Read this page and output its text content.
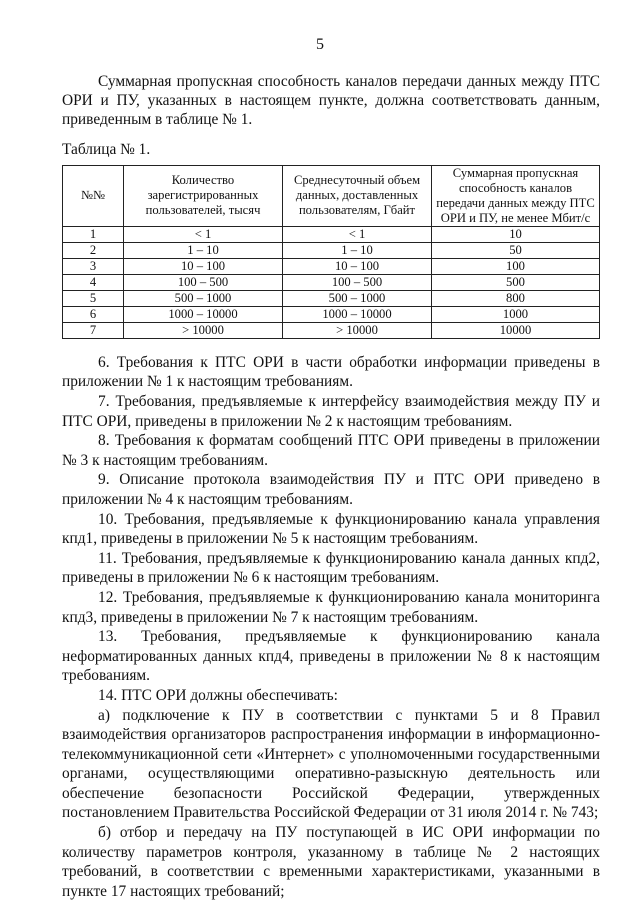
5

Суммарная пропускная способность каналов передачи данных между ПТС ОРИ и ПУ, указанных в настоящем пункте, должна соответствовать данным, приведенным в таблице № 1.

Таблица № 1.
№№	Количество зарегистрированных пользователей, тысяч	Среднесуточный объем данных, доставленных пользователям, Гбайт	Суммарная пропускная способность каналов передачи данных между ПТС ОРИ и ПУ, не менее Мбит/с
1	< 1	< 1	10
2	1 – 10	1 – 10	50
3	10 – 100	10 – 100	100
4	100 – 500	100 – 500	500
5	500 – 1000	500 – 1000	800
6	1000 – 10000	1000 – 10000	1000
7	> 10000	> 10000	10000

6. Требования к ПТС ОРИ в части обработки информации приведены в приложении № 1 к настоящим требованиям.

7. Требования, предъявляемые к интерфейсу взаимодействия между ПУ и ПТС ОРИ, приведены в приложении № 2 к настоящим требованиям.

8. Требования к форматам сообщений ПТС ОРИ приведены в приложении № 3 к настоящим требованиям.

9. Описание протокола взаимодействия ПУ и ПТС ОРИ приведено в приложении № 4 к настоящим требованиям.

10. Требования, предъявляемые к функционированию канала управления кпд1, приведены в приложении № 5 к настоящим требованиям.

11. Требования, предъявляемые к функционированию канала данных кпд2, приведены в приложении № 6 к настоящим требованиям.

12. Требования, предъявляемые к функционированию канала мониторинга кпд3, приведены в приложении № 7 к настоящим требованиям.

13. Требования, предъявляемые к функционированию канала неформатированных данных кпд4, приведены в приложении № 8 к настоящим требованиям.

14. ПТС ОРИ должны обеспечивать:

а) подключение к ПУ в соответствии с пунктами 5 и 8 Правил взаимодействия организаторов распространения информации в информационно-телекоммуникационной сети «Интернет» с уполномоченными государственными органами, осуществляющими оперативно-разыскную деятельность или обеспечение безопасности Российской Федерации, утвержденных постановлением Правительства Российской Федерации от 31 июля 2014 г. № 743;

б) отбор и передачу на ПУ поступающей в ИС ОРИ информации по количеству параметров контроля, указанному в таблице № 2 настоящих требований, в соответствии с временными характеристиками, указанными в пункте 17 настоящих требований;
